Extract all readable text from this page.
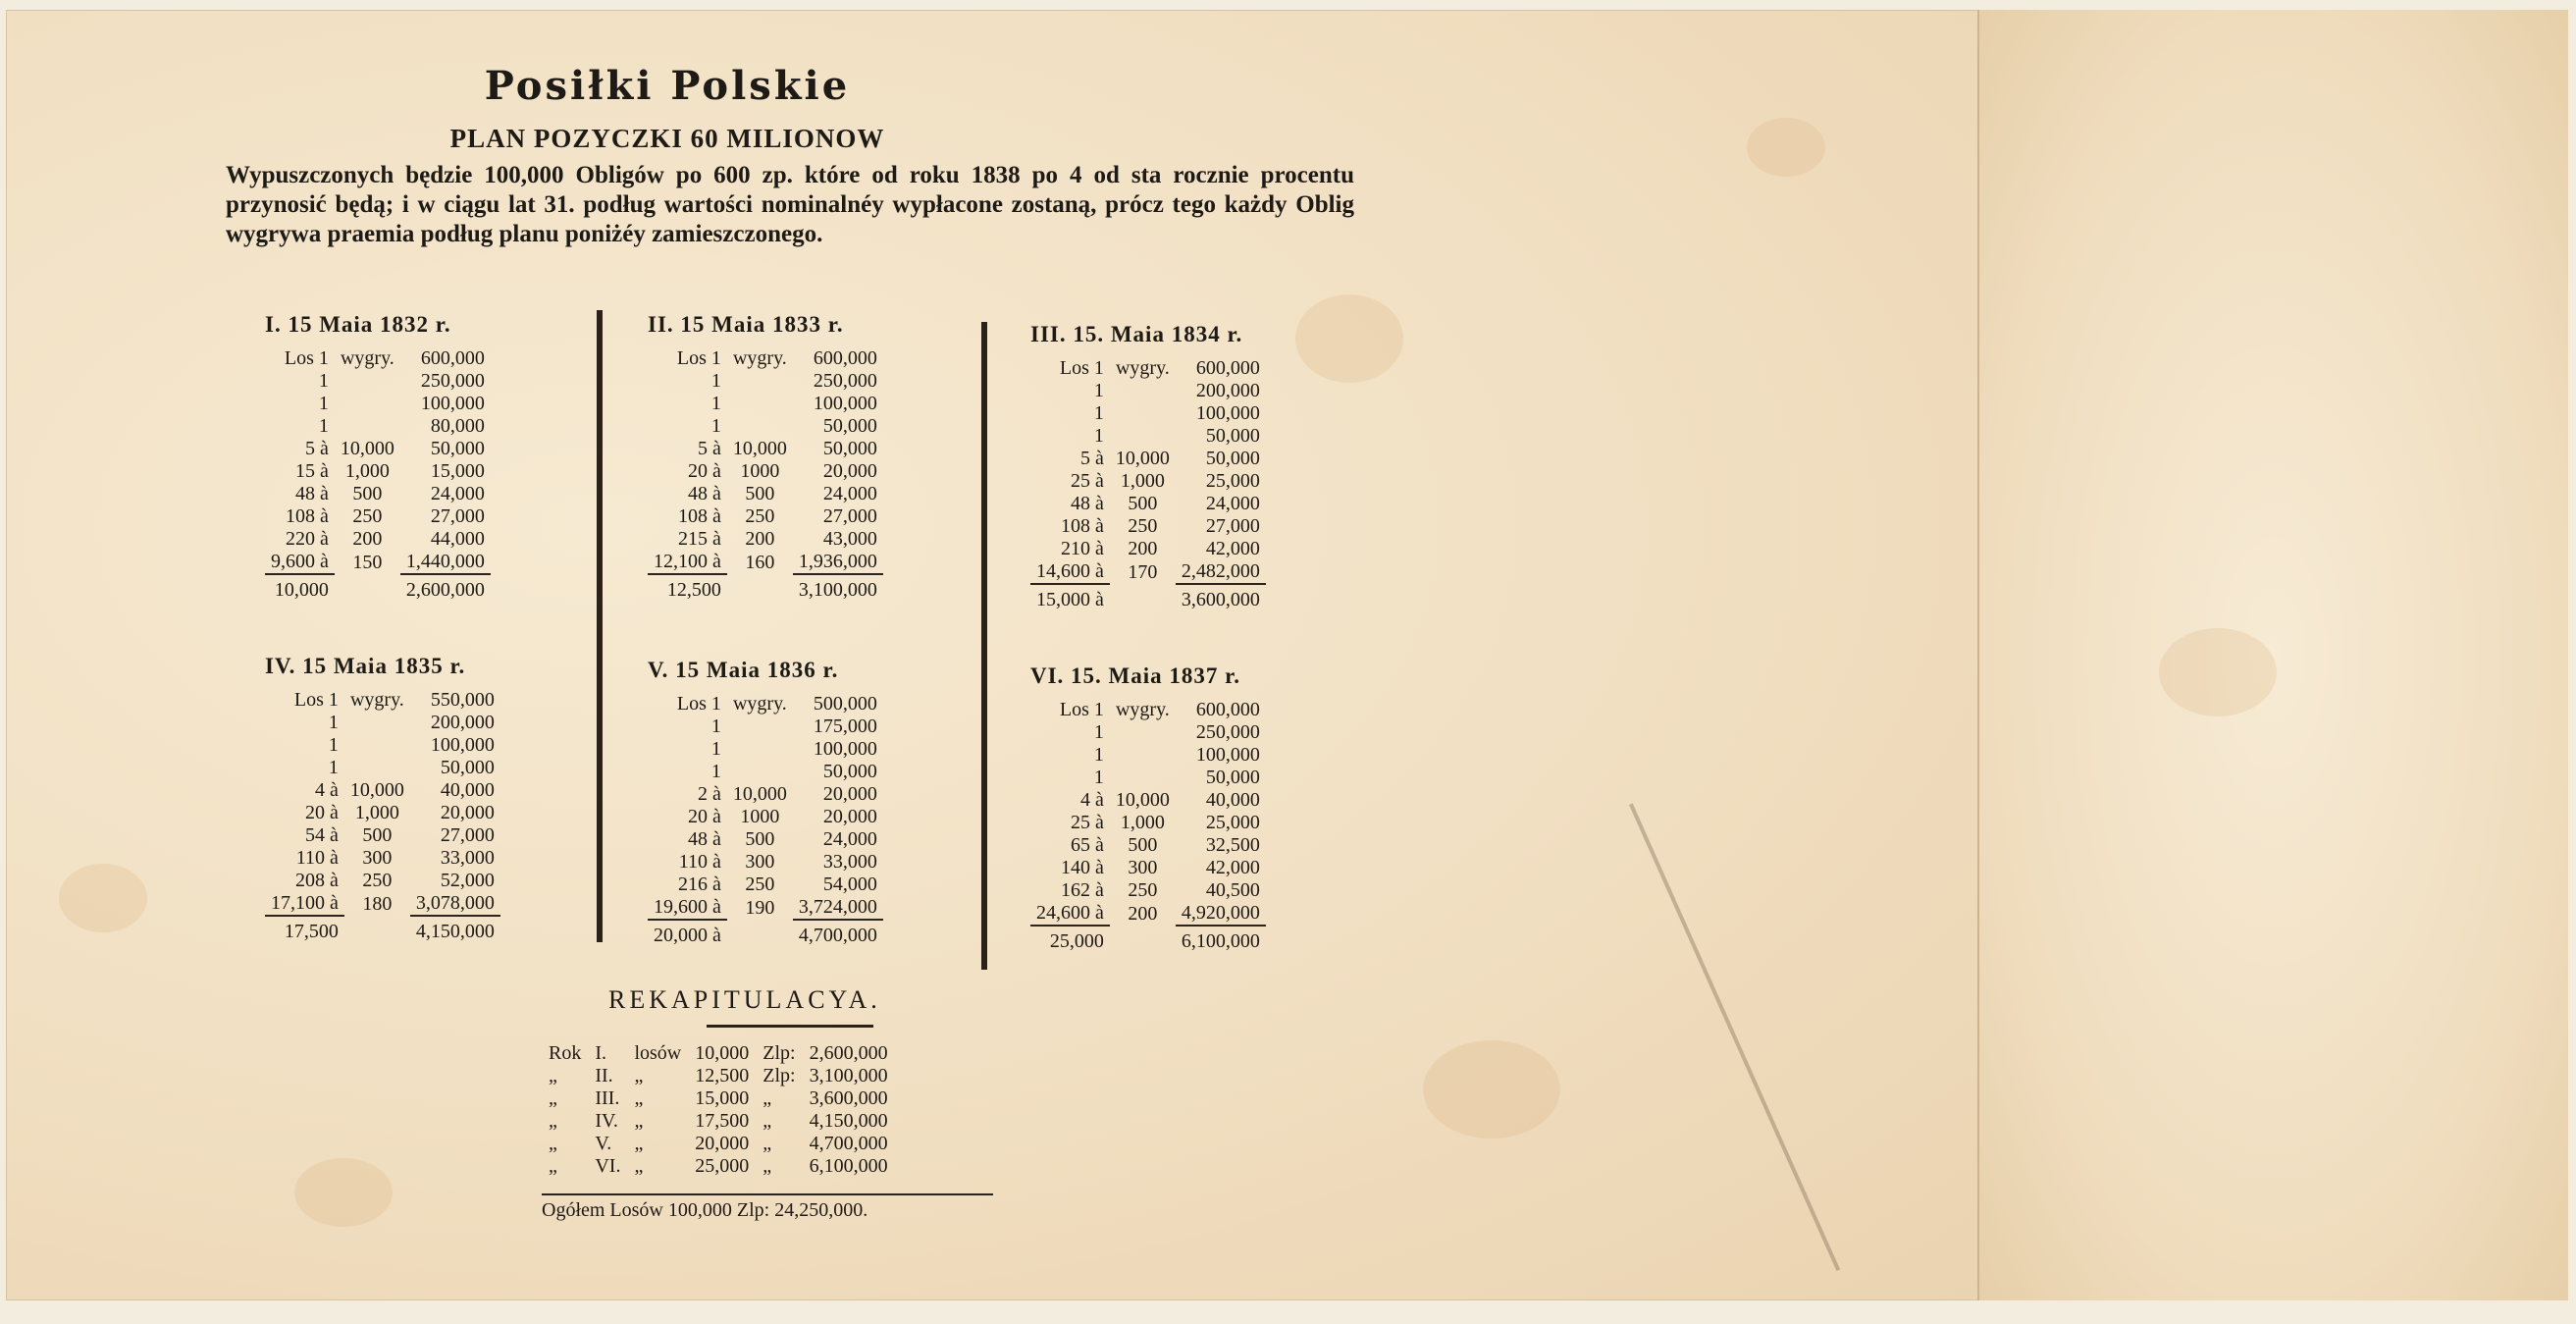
Posiłki Polskie
PLAN POZYCZKI 60 MILIONOW
Wypuszczonych będzie 100,000 Obligów po 600 zp. które od roku 1838 po 4 od sta rocznie procentu przynosić będą; i w ciągu lat 31. podług wartości nominalnéy wypłacone zostaną, prócz tego każdy Oblig wygrywa praemia podług planu poniżéy zamieszczonego.
I. 15 Maia 1832 r.
Los 1	wygry.	600,000
1		250,000
1		100,000
1		80,000
5 à	10,000	50,000
15 à	1,000	15,000
48 à	500	24,000
108 à	250	27,000
220 à	200	44,000
9,600 à	150	1,440,000
10,000		2,600,000
II. 15 Maia 1833 r.
Los 1	wygry.	600,000
1		250,000
1		100,000
1		50,000
5 à	10,000	50,000
20 à	1000	20,000
48 à	500	24,000
108 à	250	27,000
215 à	200	43,000
12,100 à	160	1,936,000
12,500		3,100,000
III. 15. Maia 1834 r.
Los 1	wygry.	600,000
1		200,000
1		100,000
1		50,000
5 à	10,000	50,000
25 à	1,000	25,000
48 à	500	24,000
108 à	250	27,000
210 à	200	42,000
14,600 à	170	2,482,000
15,000 à		3,600,000
IV. 15 Maia 1835 r.
Los 1	wygry.	550,000
1		200,000
1		100,000
1		50,000
4 à	10,000	40,000
20 à	1,000	20,000
54 à	500	27,000
110 à	300	33,000
208 à	250	52,000
17,100 à	180	3,078,000
17,500		4,150,000
V. 15 Maia 1836 r.
Los 1	wygry.	500,000
1		175,000
1		100,000
1		50,000
2 à	10,000	20,000
20 à	1000	20,000
48 à	500	24,000
110 à	300	33,000
216 à	250	54,000
19,600 à	190	3,724,000
20,000 à		4,700,000
VI. 15. Maia 1837 r.
Los 1	wygry.	600,000
1		250,000
1		100,000
1		50,000
4 à	10,000	40,000
25 à	1,000	25,000
65 à	500	32,500
140 à	300	42,000
162 à	250	40,500
24,600 à	200	4,920,000
25,000		6,100,000
REKAPITULACYA.
Rok	I.	losów	10,000	Zlp:	2,600,000
„	II.	„	12,500	Zlp:	3,100,000
„	III.	„	15,000	„	3,600,000
„	IV.	„	17,500	„	4,150,000
„	V.	„	20,000	„	4,700,000
„	VI.	„	25,000	„	6,100,000
Ogółem Losów 100,000 Zlp: 24,250,000.
